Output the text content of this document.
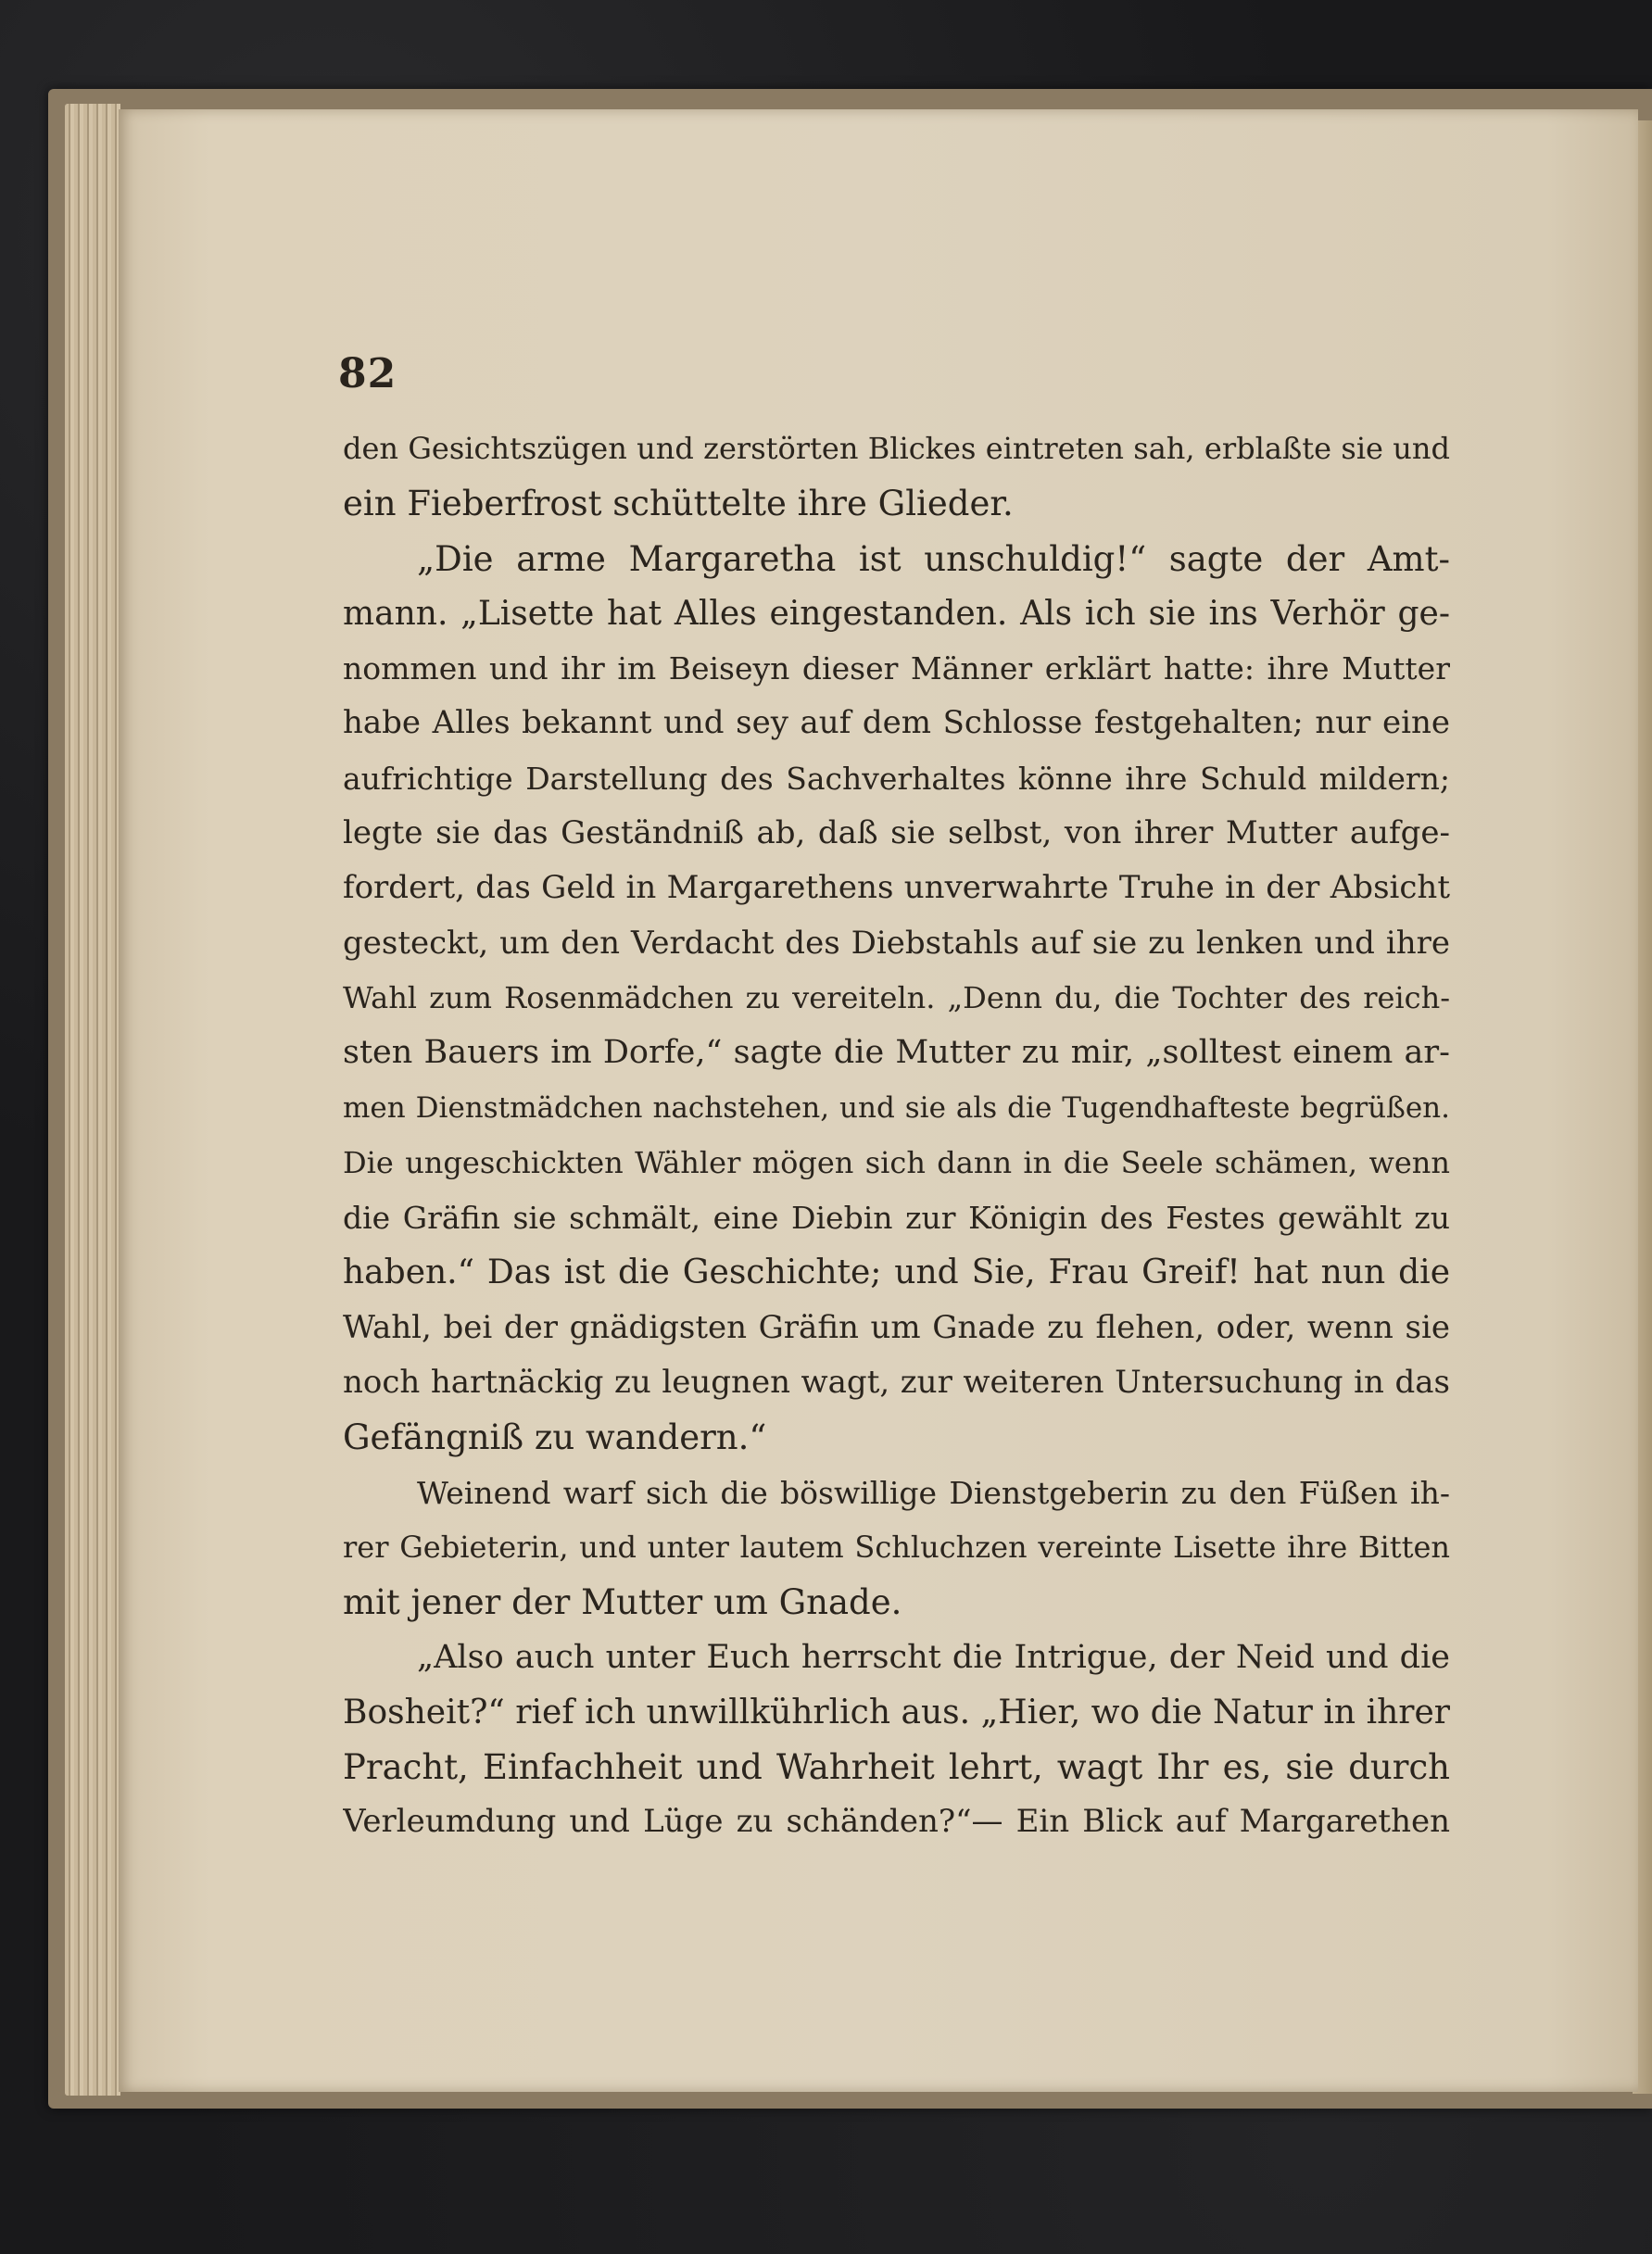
82
den Gesichtszügen und zerstörten Blickes eintreten sah, erblaßte sie und
ein Fieberfrost schüttelte ihre Glieder.
„Die arme Margaretha ist unschuldig!“ sagte der Amt-
mann. „Lisette hat Alles eingestanden. Als ich sie ins Verhör ge-
nommen und ihr im Beiseyn dieser Männer erklärt hatte: ihre Mutter
habe Alles bekannt und sey auf dem Schlosse festgehalten; nur eine
aufrichtige Darstellung des Sachverhaltes könne ihre Schuld mildern;
legte sie das Geständniß ab, daß sie selbst, von ihrer Mutter aufge-
fordert, das Geld in Margarethens unverwahrte Truhe in der Absicht
gesteckt, um den Verdacht des Diebstahls auf sie zu lenken und ihre
Wahl zum Rosenmädchen zu vereiteln. „Denn du, die Tochter des reich-
sten Bauers im Dorfe,“ sagte die Mutter zu mir, „solltest einem ar-
men Dienstmädchen nachstehen, und sie als die Tugendhafteste begrüßen.
Die ungeschickten Wähler mögen sich dann in die Seele schämen, wenn
die Gräfin sie schmält, eine Diebin zur Königin des Festes gewählt zu
haben.“ Das ist die Geschichte; und Sie, Frau Greif! hat nun die
Wahl, bei der gnädigsten Gräfin um Gnade zu flehen, oder, wenn sie
noch hartnäckig zu leugnen wagt, zur weiteren Untersuchung in das
Gefängniß zu wandern.“
Weinend warf sich die böswillige Dienstgeberin zu den Füßen ih-
rer Gebieterin, und unter lautem Schluchzen vereinte Lisette ihre Bitten
mit jener der Mutter um Gnade.
„Also auch unter Euch herrscht die Intrigue, der Neid und die
Bosheit?“ rief ich unwillkührlich aus. „Hier, wo die Natur in ihrer
Pracht, Einfachheit und Wahrheit lehrt, wagt Ihr es, sie durch
Verleumdung und Lüge zu schänden?“— Ein Blick auf Margarethen
